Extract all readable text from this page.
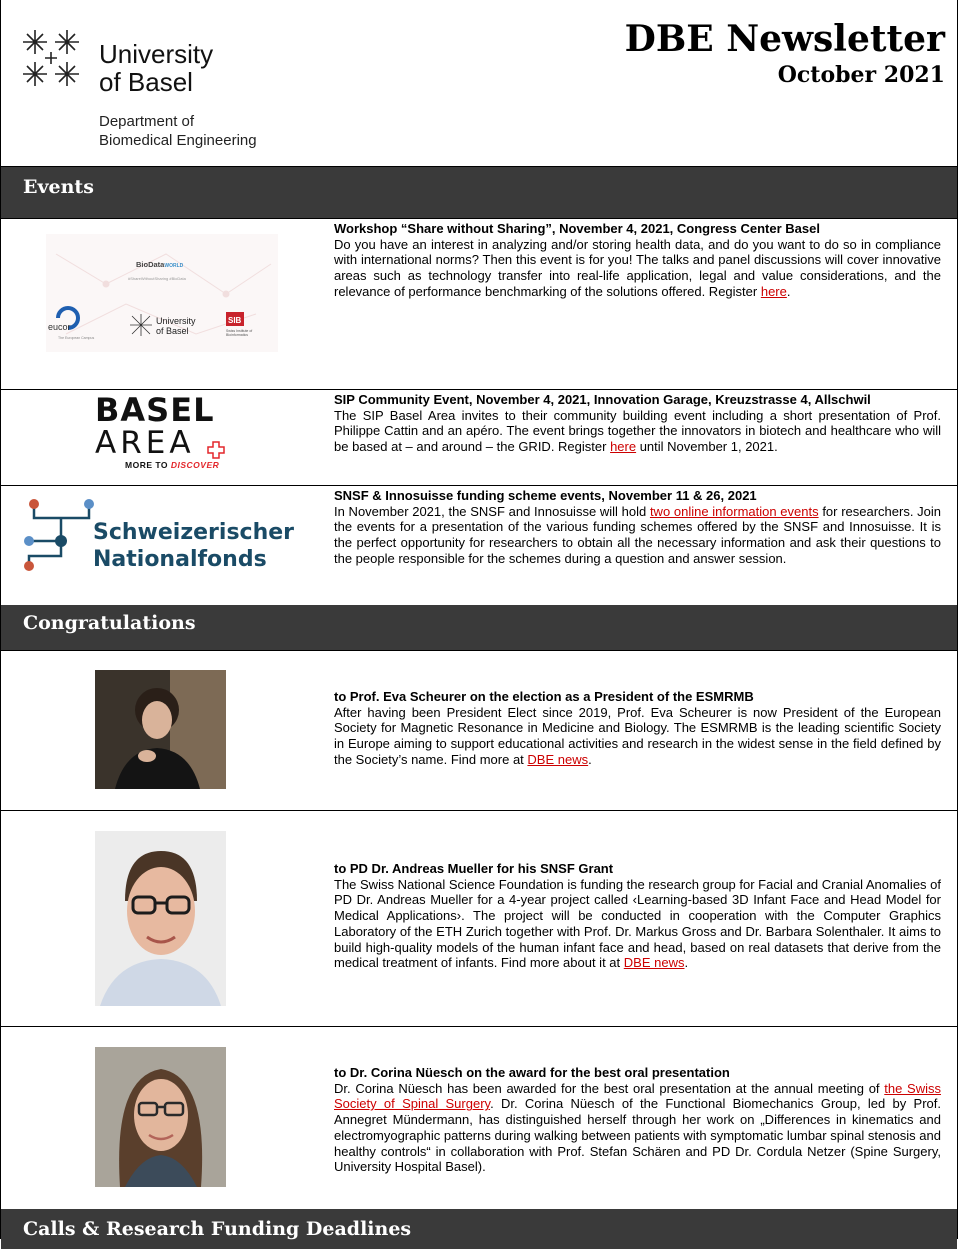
University
of Basel
Department of
Biomedical Engineering
DBE Newsletter
October 2021
Events
BioDataWORLD
#ShareWithoutSharing #BioData
eucor
The European Campus
University
of Basel
SIB
Swiss Institute of
Bioinformatics
Workshop “Share without Sharing”, November 4, 2021, Congress Center Basel
Do you have an interest in analyzing and/or storing health data, and do you want to do so in compliance with international norms? Then this event is for you! The talks and panel discussions will cover innovative areas such as technology transfer into real-life application, legal and value considerations, and the relevance of performance benchmarking of the solutions offered. Register here.
BASEL
AREA
MORE TO DISCOVER
SIP Community Event, November 4, 2021, Innovation Garage, Kreuzstrasse 4, Allschwil
The SIP Basel Area invites to their community building event including a short presentation of Prof. Philippe Cattin and an apéro. The event brings together the innovators in biotech and healthcare who will be based at – and around – the GRID. Register here until November 1, 2021.
Schweizerischer
Nationalfonds
SNSF & Innosuisse funding scheme events, November 11 & 26, 2021
In November 2021, the SNSF and Innosuisse will hold two online information events for researchers. Join the events for a presentation of the various funding schemes offered by the SNSF and Innosuisse. It is the perfect opportunity for researchers to obtain all the necessary information and ask their questions to the people responsible for the schemes during a question and answer session.
Congratulations
to Prof. Eva Scheurer on the election as a President of the ESMRMB
After having been President Elect since 2019, Prof. Eva Scheurer is now President of the European Society for Magnetic Resonance in Medicine and Biology. The ESMRMB is the leading scientific Society in Europe aiming to support educational activities and research in the widest sense in the field defined by the Society’s name. Find more at DBE news.
to PD Dr. Andreas Mueller for his SNSF Grant
The Swiss National Science Foundation is funding the research group for Facial and Cranial Anomalies of PD Dr. Andreas Mueller for a 4-year project called ‹Learning-based 3D Infant Face and Head Model for Medical Applications›. The project will be conducted in cooperation with the Computer Graphics Laboratory of the ETH Zurich together with Prof. Dr. Markus Gross and Dr. Barbara Solenthaler. It aims to build high-quality models of the human infant face and head, based on real datasets that derive from the medical treatment of infants. Find more about it at DBE news.
to Dr. Corina Nüesch on the award for the best oral presentation
Dr. Corina Nüesch has been awarded for the best oral presentation at the annual meeting of the Swiss Society of Spinal Surgery. Dr. Corina Nüesch of the Functional Biomechanics Group, led by Prof. Annegret Mündermann, has distinguished herself through her work on „Differences in kinematics and electromyographic patterns during walking between patients with symptomatic lumbar spinal stenosis and healthy controls“ in collaboration with Prof. Stefan Schären and PD Dr. Cordula Netzer (Spine Surgery, University Hospital Basel).
Calls & Research Funding Deadlines
